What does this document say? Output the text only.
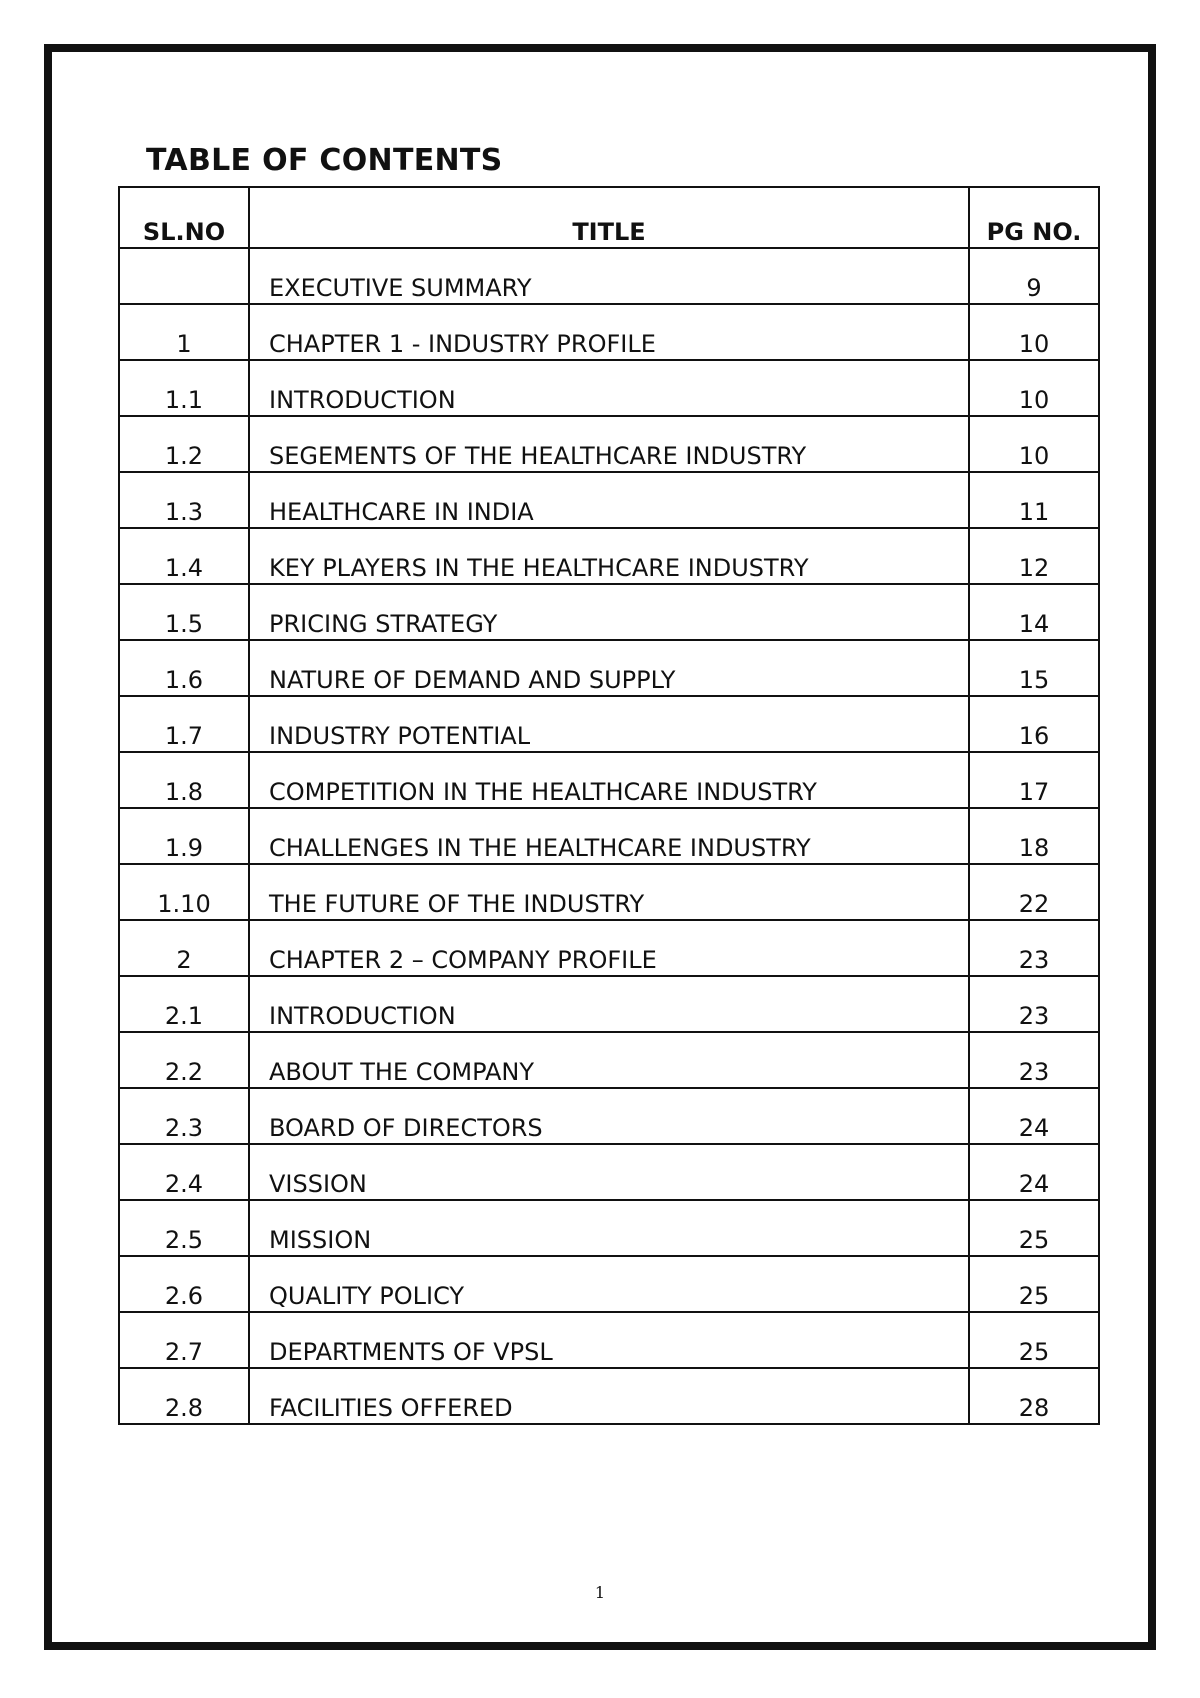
TABLE OF CONTENTS
SL.NO	TITLE	PG NO.
	EXECUTIVE SUMMARY	9
1	CHAPTER 1 - INDUSTRY PROFILE	10
1.1	INTRODUCTION	10
1.2	SEGEMENTS OF THE HEALTHCARE INDUSTRY	10
1.3	HEALTHCARE IN INDIA	11
1.4	KEY PLAYERS IN THE HEALTHCARE INDUSTRY	12
1.5	PRICING STRATEGY	14
1.6	NATURE OF DEMAND AND SUPPLY	15
1.7	INDUSTRY POTENTIAL	16
1.8	COMPETITION IN THE HEALTHCARE INDUSTRY	17
1.9	CHALLENGES IN THE HEALTHCARE INDUSTRY	18
1.10	THE FUTURE OF THE INDUSTRY	22
2	CHAPTER 2 – COMPANY PROFILE	23
2.1	INTRODUCTION	23
2.2	ABOUT THE COMPANY	23
2.3	BOARD OF DIRECTORS	24
2.4	VISSION	24
2.5	MISSION	25
2.6	QUALITY POLICY	25
2.7	DEPARTMENTS OF VPSL	25
2.8	FACILITIES OFFERED	28
1
